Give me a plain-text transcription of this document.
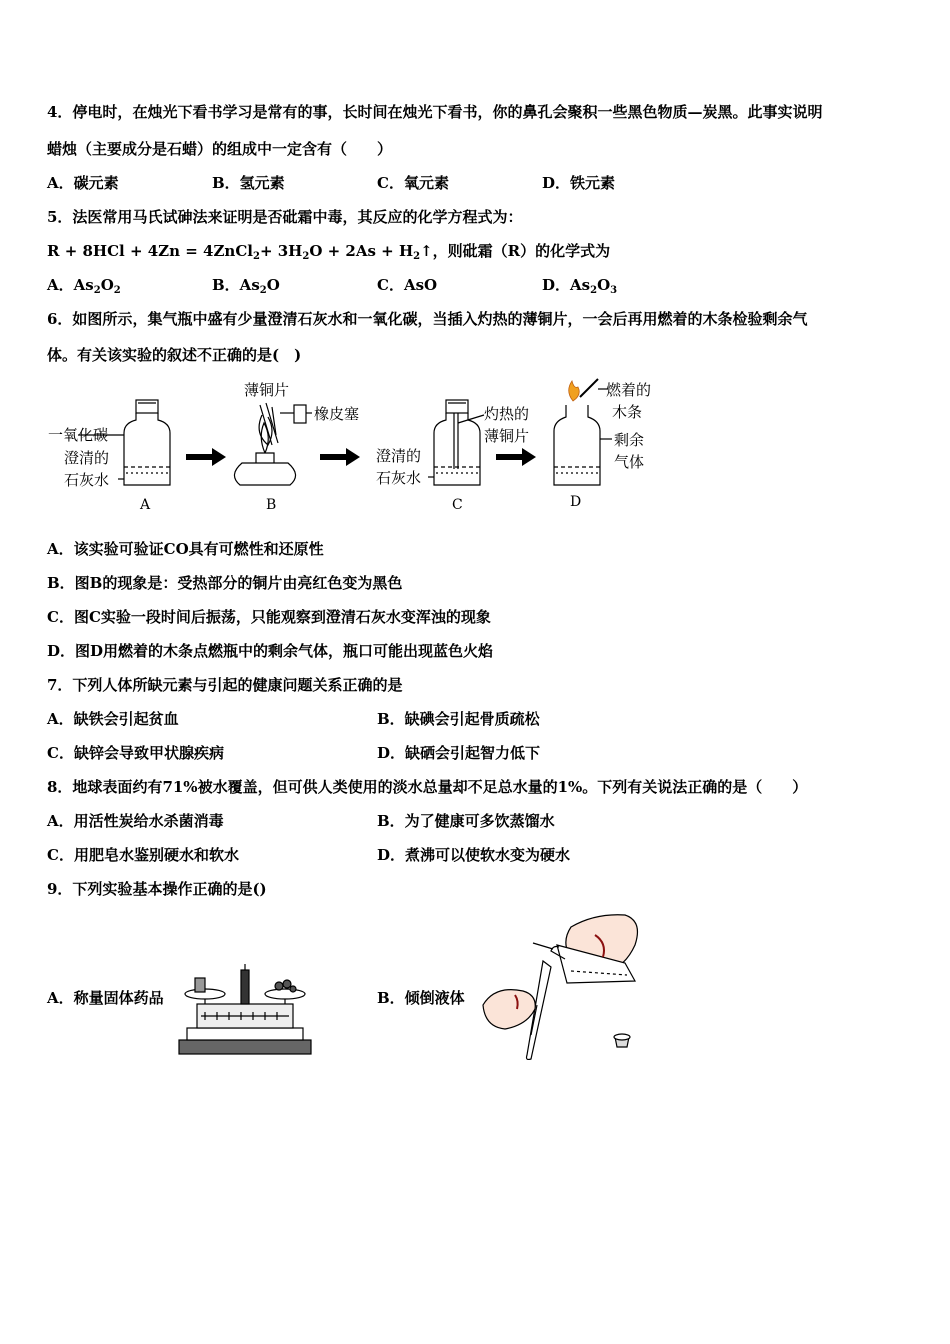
4．停电时，在烛光下看书学习是常有的事，长时间在烛光下看书，你的鼻孔会聚积一些黑色物质—炭黑。此事实说明
蜡烛（主要成分是石蜡）的组成中一定含有（　　）
A．碳元素	B．氢元素	C．氧元素	D．铁元素
5．法医常用马氏试砷法来证明是否砒霜中毒，其反应的化学方程式为：
R + 8HCl + 4Zn = 4ZnCl$_2$+ $3H_2O + 2As$ + $H_2↑$，则砒霜（R）的化学式为
A．$As_2O_2$	B．$As_2O$	C．AsO	D．$As_2O_3$
6．如图所示，集气瓶中盛有少量澄清石灰水和一氧化碳，当插入灼热的薄铜片，一会后再用燃着的木条检验剩余气
体。有关该实验的叙述不正确的是(　)
一氧化碳
澄清的
石灰水
A
薄铜片
橡皮塞
B
澄清的
石灰水
灼热的
薄铜片
C
燃着的
木条
剩余
气体
D
A．该实验可验证CO具有可燃性和还原性
B．图B的现象是：受热部分的铜片由亮红色变为黑色
C．图C实验一段时间后振荡，只能观察到澄清石灰水变浑浊的现象
D．图D用燃着的木条点燃瓶中的剩余气体，瓶口可能出现蓝色火焰
7．下列人体所缺元素与引起的健康问题关系正确的是
A．缺铁会引起贫血	B．缺碘会引起骨质疏松
C．缺锌会导致甲状腺疾病	D．缺硒会引起智力低下
8．地球表面约有71%被水覆盖，但可供人类使用的淡水总量却不足总水量的1%。下列有关说法正确的是（　　）
A．用活性炭给水杀菌消毒	B．为了健康可多饮蒸馏水
C．用肥皂水鉴别硬水和软水	D．煮沸可以使软水变为硬水
9．下列实验基本操作正确的是()
A．称量固体药品	B．倾倒液体
